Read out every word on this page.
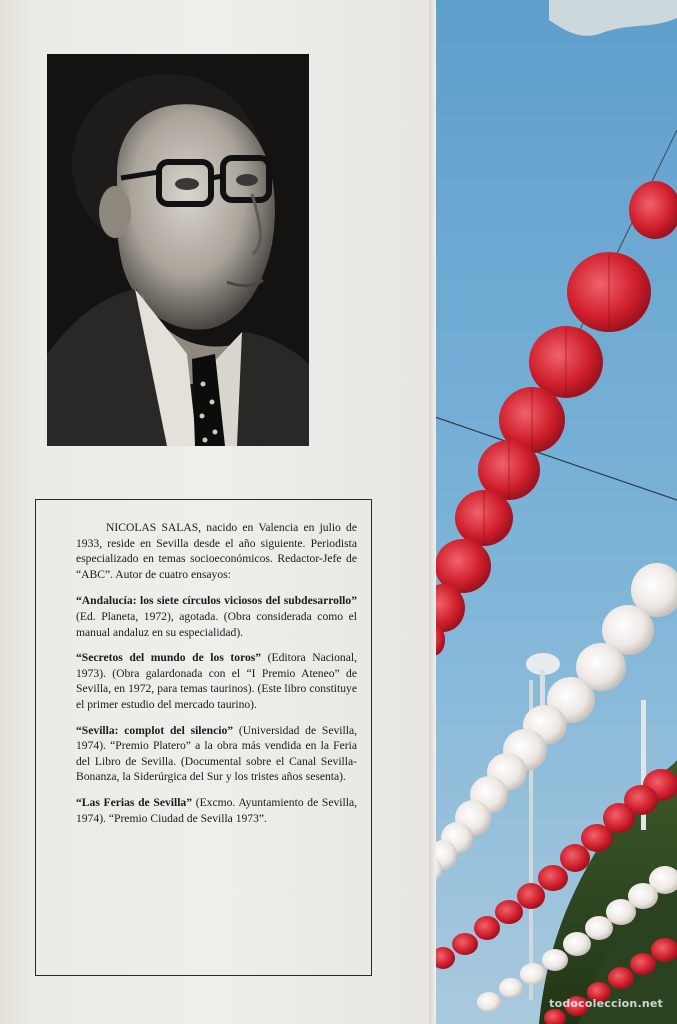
NICOLAS SALAS, nacido en Valencia en julio de 1933, reside en Sevilla desde el año siguiente. Periodista especializado en temas socioeconómicos. Redactor-Jefe de “ABC”. Autor de cuatro ensayos:

“Andalucía: los siete círculos viciosos del subdesarrollo” (Ed. Planeta, 1972), agotada. (Obra considerada como el manual andaluz en su especialidad).

“Secretos del mundo de los toros” (Editora Nacional, 1973). (Obra galardonada con el “I Premio Ateneo” de Sevilla, en 1972, para temas taurinos). (Este libro constituye el primer estudio del mercado taurino).

“Sevilla: complot del silencio” (Universidad de Sevilla, 1974). “Premio Platero” a la obra más vendida en la Feria del Libro de Sevilla. (Documental sobre el Canal Sevilla-Bonanza, la Siderúrgica del Sur y los tristes años sesenta).

“Las Ferias de Sevilla” (Excmo. Ayuntamiento de Sevilla, 1974). “Premio Ciudad de Sevilla 1973”.

todocoleccion.net
